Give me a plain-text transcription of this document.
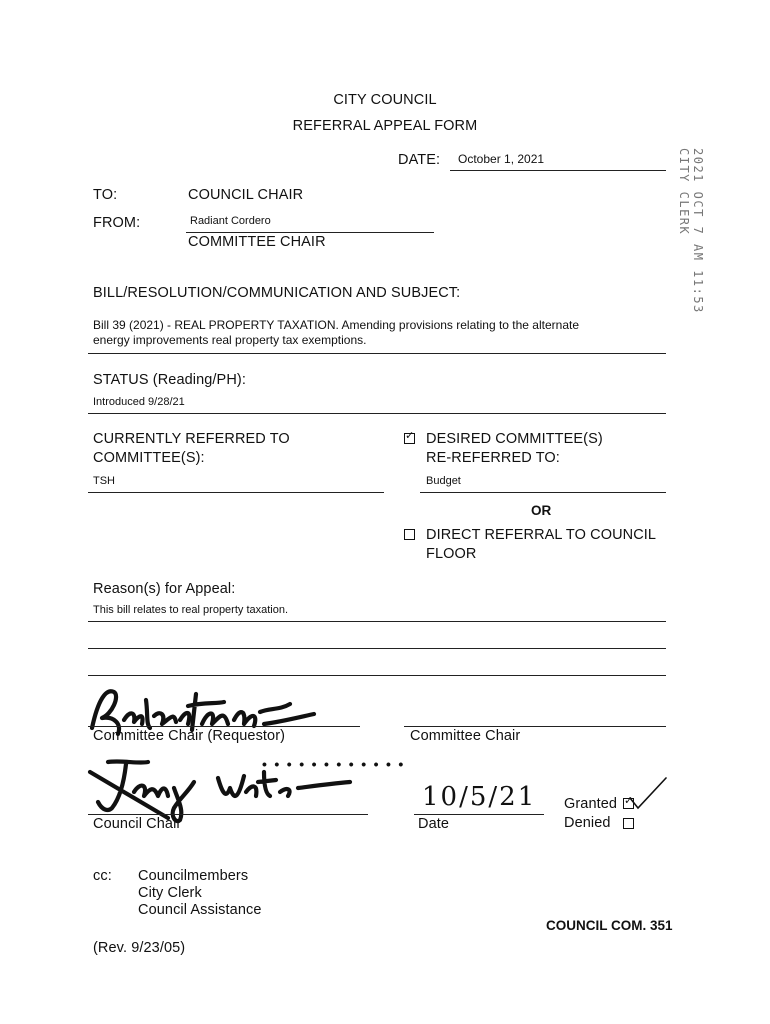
CITY COUNCIL
REFERRAL APPEAL FORM
DATE: October 1, 2021	2021 OCT 7 AM 11:53 CITY CLERK
TO:	COUNCIL CHAIR
FROM:	Radiant Cordero
COMMITTEE CHAIR
BILL/RESOLUTION/COMMUNICATION AND SUBJECT:
Bill 39 (2021) - REAL PROPERTY TAXATION. Amending provisions relating to the alternate
energy improvements real property tax exemptions.
STATUS (Reading/PH):
Introduced 9/28/21
CURRENTLY REFERRED TO
COMMITTEE(S):
TSH
✓ DESIRED COMMITTEE(S)
RE-REFERRED TO:
Budget
OR
DIRECT REFERRAL TO COUNCIL
FLOOR
Reason(s) for Appeal:
This bill relates to real property taxation.
Committee Chair (Requestor)	Committee Chair
••••••••••••
Council Chair
10/5/21
Date
Granted ✓
Denied
cc: Councilmembers
City Clerk
Council Assistance
COUNCIL COM. 351
(Rev. 9/23/05)
